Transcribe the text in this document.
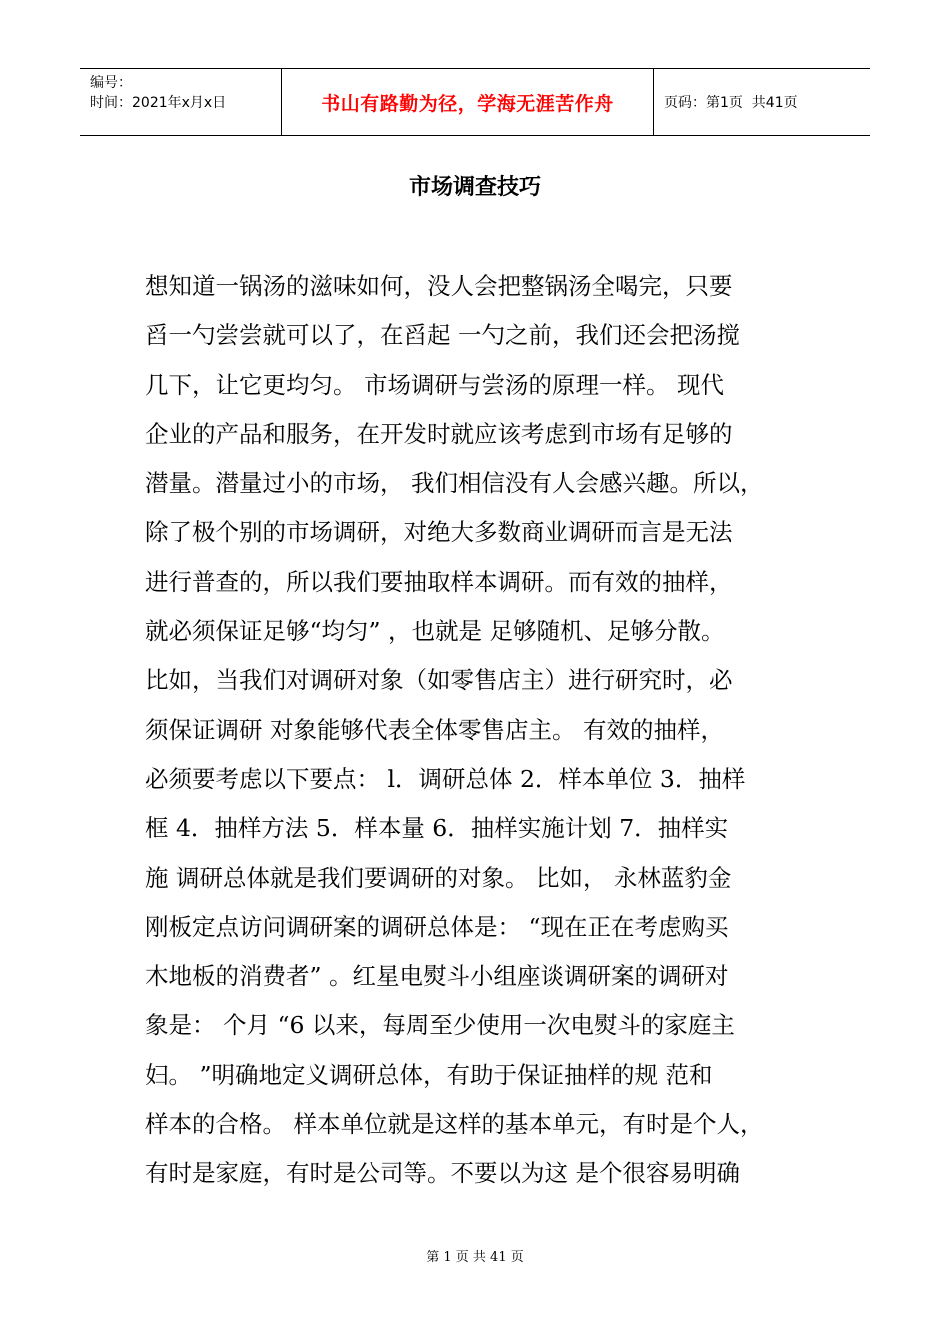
编号：
时间：2021年x月x日	书山有路勤为径，学海无涯苦作舟	页码：第1页  共41页
市场调查技巧
想知道一锅汤的滋味如何，没人会把整锅汤全喝完，只要
舀一勺尝尝就可以了，在舀起 一勺之前，我们还会把汤搅
几下，让它更均匀。 市场调研与尝汤的原理一样。 现代
企业的产品和服务，在开发时就应该考虑到市场有足够的
潜量。潜量过小的市场， 我们相信没有人会感兴趣。所以，
除了极个别的市场调研，对绝大多数商业调研而言是无法
进行普查的，所以我们要抽取样本调研。而有效的抽样，
就必须保证足够“均匀” ，也就是 足够随机、足够分散。
比如，当我们对调研对象（如零售店主）进行研究时，必
须保证调研 对象能够代表全体零售店主。 有效的抽样，
必须要考虑以下要点： l．调研总体 2．样本单位 3．抽样
框 4．抽样方法 5．样本量 6．抽样实施计划 7．抽样实
施 调研总体就是我们要调研的对象。 比如， 永林蓝豹金
刚板定点访问调研案的调研总体是： “现在正在考虑购买
木地板的消费者” 。红星电熨斗小组座谈调研案的调研对
象是： 个月 “6 以来，每周至少使用一次电熨斗的家庭主
妇。 ”明确地定义调研总体，有助于保证抽样的规 范和
样本的合格。 样本单位就是这样的基本单元，有时是个人，
有时是家庭，有时是公司等。不要以为这 是个很容易明确
第 1 页 共 41 页
